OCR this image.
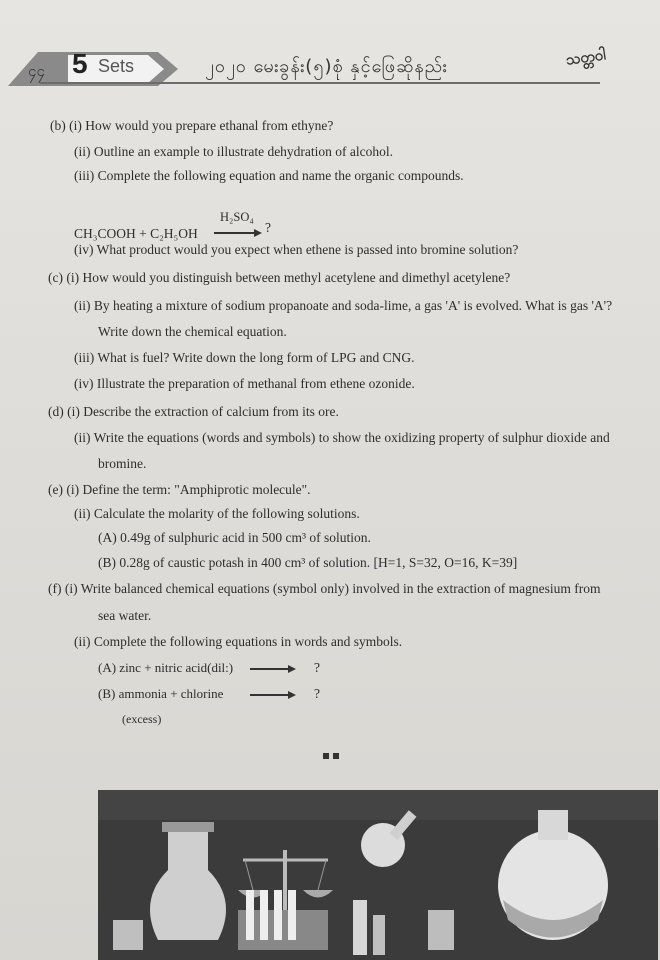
၄၄ 5 Sets	၂၀၂၀ မေးခွန်း(၅)စုံ နှင့်ဖြေဆိုနည်း	သတ္တဝါ
(b) (i) How would you prepare ethanal from ethyne?
(ii) Outline an example to illustrate dehydration of alcohol.
(iii) Complete the following equation and name the organic compounds.
CH₃COOH + C₂H₅OH
H₂SO₄
?
(iv) What product would you expect when ethene is passed into bromine solution?
(c) (i) How would you distinguish between methyl acetylene and dimethyl acetylene?
(ii) By heating a mixture of sodium propanoate and soda-lime, a gas 'A' is evolved. What is gas 'A'?
Write down the chemical equation.
(iii) What is fuel? Write down the long form of LPG and CNG.
(iv) Illustrate the preparation of methanal from ethene ozonide.
(d) (i) Describe the extraction of calcium from its ore.
(ii) Write the equations (words and symbols) to show the oxidizing property of sulphur dioxide and
bromine.
(e) (i) Define the term: "Amphiprotic molecule".
(ii) Calculate the molarity of the following solutions.
(A) 0.49g of sulphuric acid in 500 cm³ of solution.
(B) 0.28g of caustic potash in 400 cm³ of solution. [H=1, S=32, O=16, K=39]
(f) (i) Write balanced chemical equations (symbol only) involved in the extraction of magnesium from
sea water.
(ii) Complete the following equations in words and symbols.
(A) zinc + nitric acid(dil:)	?
(B) ammonia + chlorine	?
(excess)
